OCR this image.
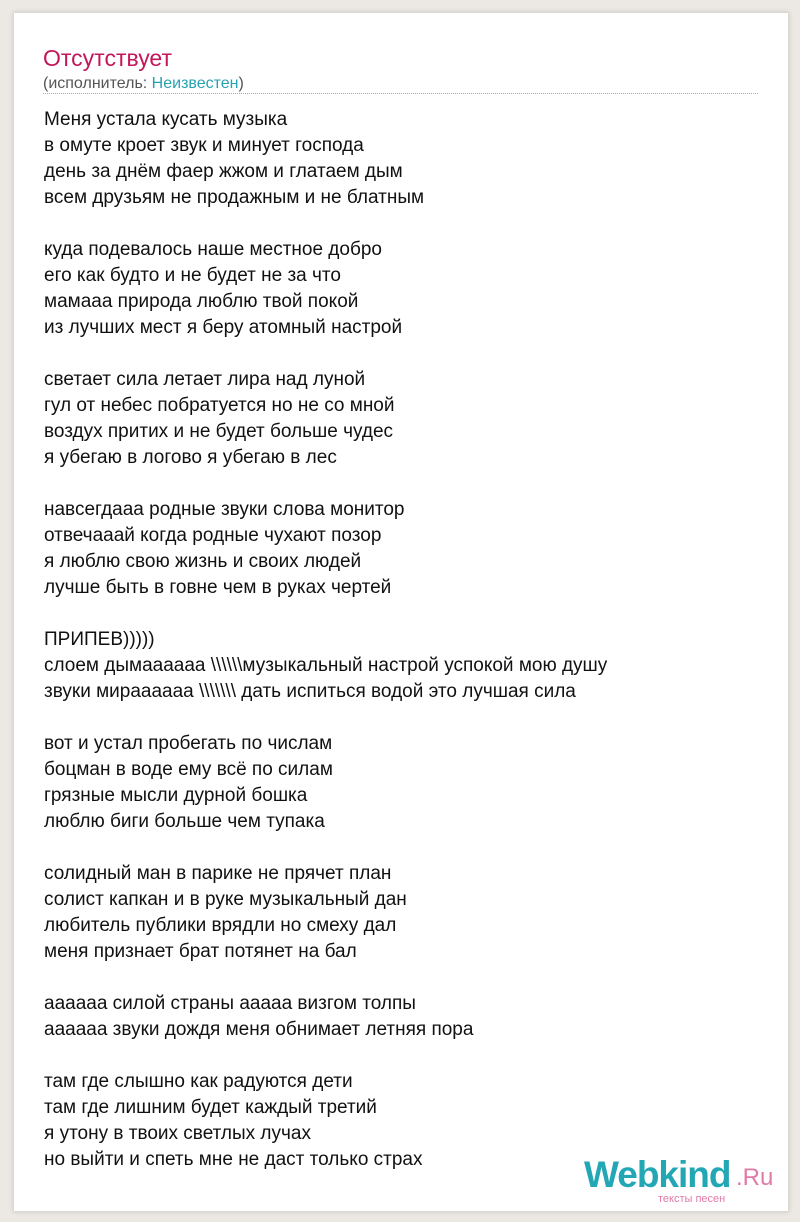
Отсутствует
(исполнитель: Неизвестен)
Меня устала кусать музыка
в омуте кроет звук и минует господа
день за днём фаер жжом и глатаем дым
всем друзьям не продажным и не блатным
куда подевалось наше местное добро
его как будто и не будет не за что
мамааа природа люблю твой покой
из лучших мест я беру атомный настрой
светает сила летает лира над луной
гул от небес побратуется но не со мной
воздух притих и не будет больше чудес
я убегаю в логово я убегаю в лес
навсегдааа родные звуки слова монитор
отвечааай когда родные чухают позор
я люблю свою жизнь и своих людей
лучше быть в говне чем в руках чертей
ПРИПЕВ)))))
слоем дымаааааа \\\\\\музыкальный настрой успокой мою душу
звуки мирaaaaaa \\\\\\\ дать испиться водой это лучшая сила
вот и устал пробегать по числам
боцман в воде ему всё по силам
грязные мысли дурной бошка
люблю биги больше чем тупака
солидный ман в парике не прячет план
солист капкан и в руке музыкальный дан
любитель публики врядли но смеху дал
меня признает брат потянет на бал
аааааа силой страны ааааа визгом толпы
аааааа звуки дождя меня обнимает летняя пора
там где слышно как радуются дети
там где лишним будет каждый третий
я утону в твоих светлых лучах
но выйти и спеть мне не даст только страх	Webkind .Ru
тексты песен
